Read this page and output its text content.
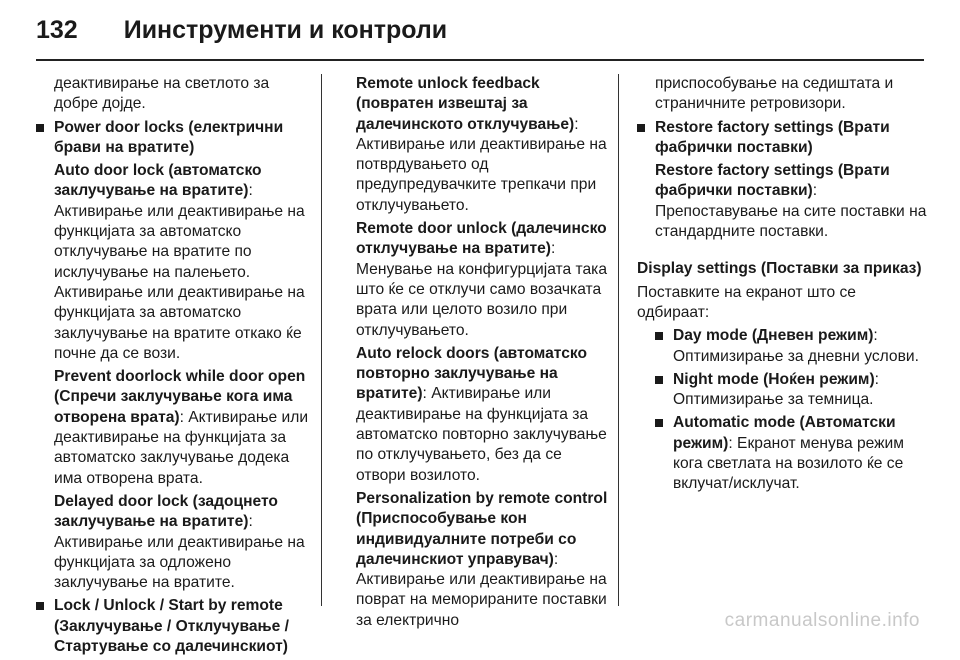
132 Иинструменти и контроли

деактивирање на светлото за добре дојде.

Power door locks (електрични брави на вратите)

Auto door lock (автоматско заклучување на вратите): Активирање или деактивирање на функцијата за автоматско отклучување на вратите по исклучување на палењето. Активирање или деактивирање на функцијата за автоматско заклучување на вратите откако ќе почне да се вози.

Prevent doorlock while door open (Спречи заклучување кога има отворена врата): Активирање или деактивирање на функцијата за автоматско заклучување додека има отворена врата.

Delayed door lock (задоцнето заклучување на вратите): Активирање или деактивирање на функцијата за одложено заклучување на вратите.

Lock / Unlock / Start by remote (Заклучување / Отклучување / Стартување со далечинскиот)

Remote unlock feedback (повратен извештај за далечинското отклучување): Активирање или деактивирање на потврдувањето од предупредувачките трепкачи при отклучувањето.

Remote door unlock (далечинско отклучување на вратите): Менување на конфигурцијата така што ќе се отклучи само возачката врата или целото возило при отклучувањето.

Auto relock doors (автоматско повторно заклучување на вратите): Активирање или деактивирање на функцијата за автоматско повторно заклучување по отклучувањето, без да се отвори возилото.

Personalization by remote control (Приспособување кон индивидуалните потреби со далечинскиот управувач): Активирање или деактивирање на поврат на меморираните поставки за електрично

приспособување на седиштата и страничните ретровизори.

Restore factory settings (Врати фабрички поставки)

Restore factory settings (Врати фабрички поставки): Препоставување на сите поставки на стандардните поставки.

Display settings (Поставки за приказ)

Поставките на екранот што се одбираат:

Day mode (Дневен режим): Оптимизирање за дневни услови.

Night mode (Ноќен режим): Оптимизирање за темница.

Automatic mode (Автоматски режим): Екранот менува режим кога светлата на возилото ќе се вклучат/исклучат.

carmanualsonline.info
